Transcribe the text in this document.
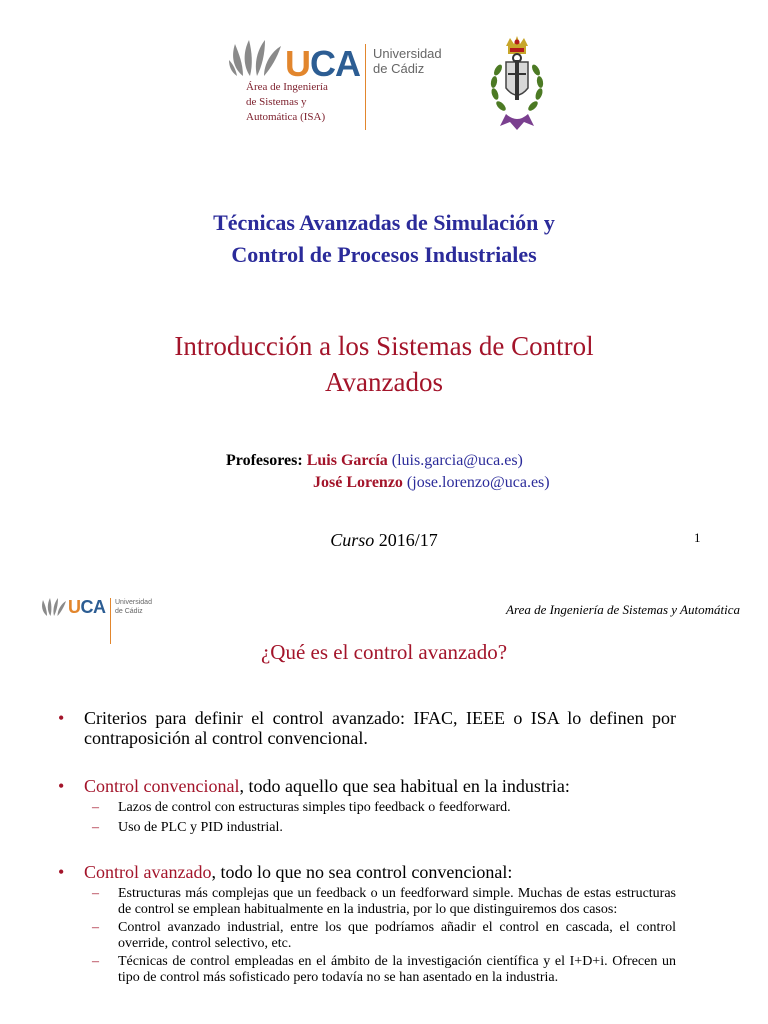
UCA Universidad
de Cádiz
Área de Ingeniería
de Sistemas y
Automática (ISA)
Técnicas Avanzadas de Simulación y
Control de Procesos Industriales
Introducción a los Sistemas de Control
Avanzados
Profesores: Luis García (luis.garcia@uca.es)
José Lorenzo (jose.lorenzo@uca.es)
Curso 2016/17	1
UCA Universidad
de Cádiz	Area de Ingeniería de Sistemas y Automática
¿Qué es el control avanzado?
• Criterios para definir el control avanzado: IFAC, IEEE o ISA lo definen por contraposición al control convencional.
• Control convencional, todo aquello que sea habitual en la industria:
– Lazos de control con estructuras simples tipo feedback o feedforward.
– Uso de PLC y PID industrial.
• Control avanzado, todo lo que no sea control convencional:
– Estructuras más complejas que un feedback o un feedforward simple. Muchas de estas estructuras de control se emplean habitualmente en la industria, por lo que distinguiremos dos casos:
– Control avanzado industrial, entre los que podríamos añadir el control en cascada, el control override, control selectivo, etc.
– Técnicas de control empleadas en el ámbito de la investigación científica y el I+D+i. Ofrecen un tipo de control más sofisticado pero todavía no se han asentado en la industria.
